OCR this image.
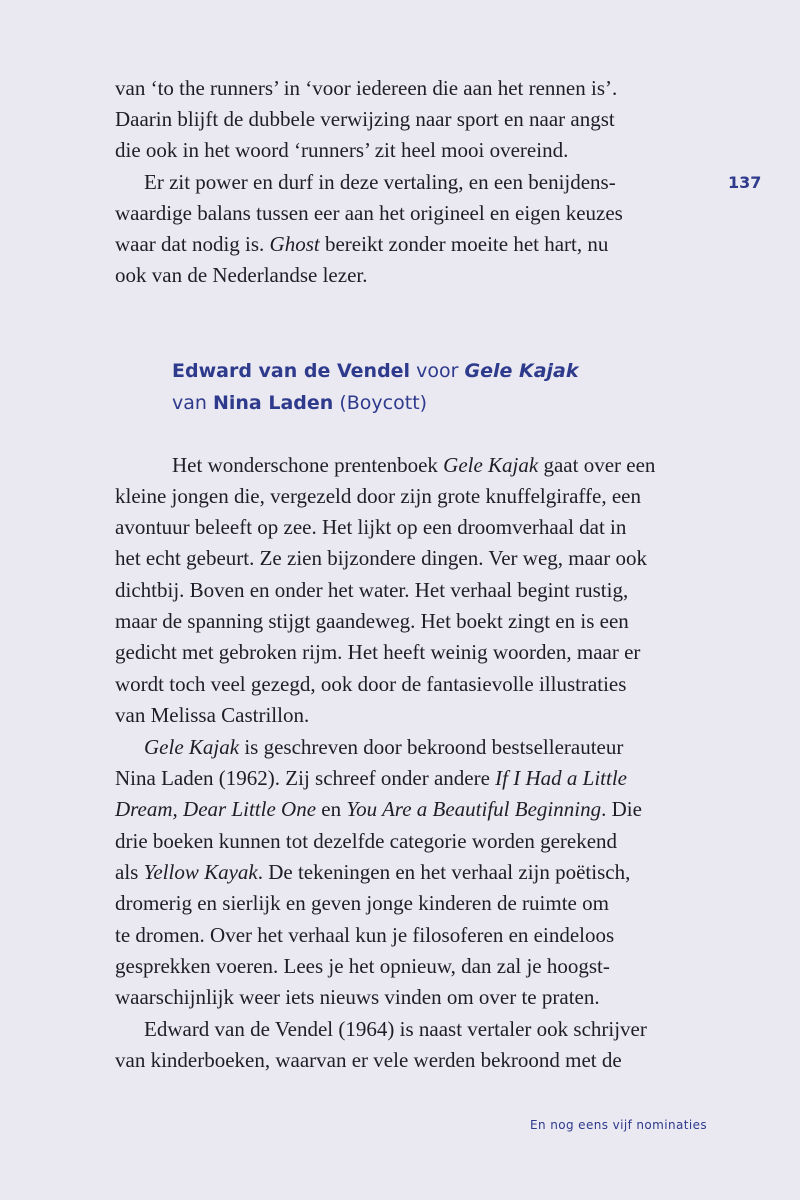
van ‘to the runners’ in ‘voor iedereen die aan het rennen is’.
Daarin blijft de dubbele verwijzing naar sport en naar angst
die ook in het woord ‘runners’ zit heel mooi overeind.
Er zit power en durf in deze vertaling, en een benijdens-
waardige balans tussen eer aan het origineel en eigen keuzes
waar dat nodig is. Ghost bereikt zonder moeite het hart, nu
ook van de Nederlandse lezer.
137
Edward van de Vendel voor Gele Kajak
van Nina Laden (Boycott)
Het wonderschone prentenboek Gele Kajak gaat over een
kleine jongen die, vergezeld door zijn grote knuffelgiraffe, een
avontuur beleeft op zee. Het lijkt op een droomverhaal dat in
het echt gebeurt. Ze zien bijzondere dingen. Ver weg, maar ook
dichtbij. Boven en onder het water. Het verhaal begint rustig,
maar de spanning stijgt gaandeweg. Het boekt zingt en is een
gedicht met gebroken rijm. Het heeft weinig woorden, maar er
wordt toch veel gezegd, ook door de fantasievolle illustraties
van Melissa Castrillon.
Gele Kajak is geschreven door bekroond bestsellerauteur
Nina Laden (1962). Zij schreef onder andere If I Had a Little
Dream, Dear Little One en You Are a Beautiful Beginning. Die
drie boeken kunnen tot dezelfde categorie worden gerekend
als Yellow Kayak. De tekeningen en het verhaal zijn poëtisch,
dromerig en sierlijk en geven jonge kinderen de ruimte om
te dromen. Over het verhaal kun je filosoferen en eindeloos
gesprekken voeren. Lees je het opnieuw, dan zal je hoogst-
waarschijnlijk weer iets nieuws vinden om over te praten.
Edward van de Vendel (1964) is naast vertaler ook schrijver
van kinderboeken, waarvan er vele werden bekroond met de
En nog eens vijf nominaties
